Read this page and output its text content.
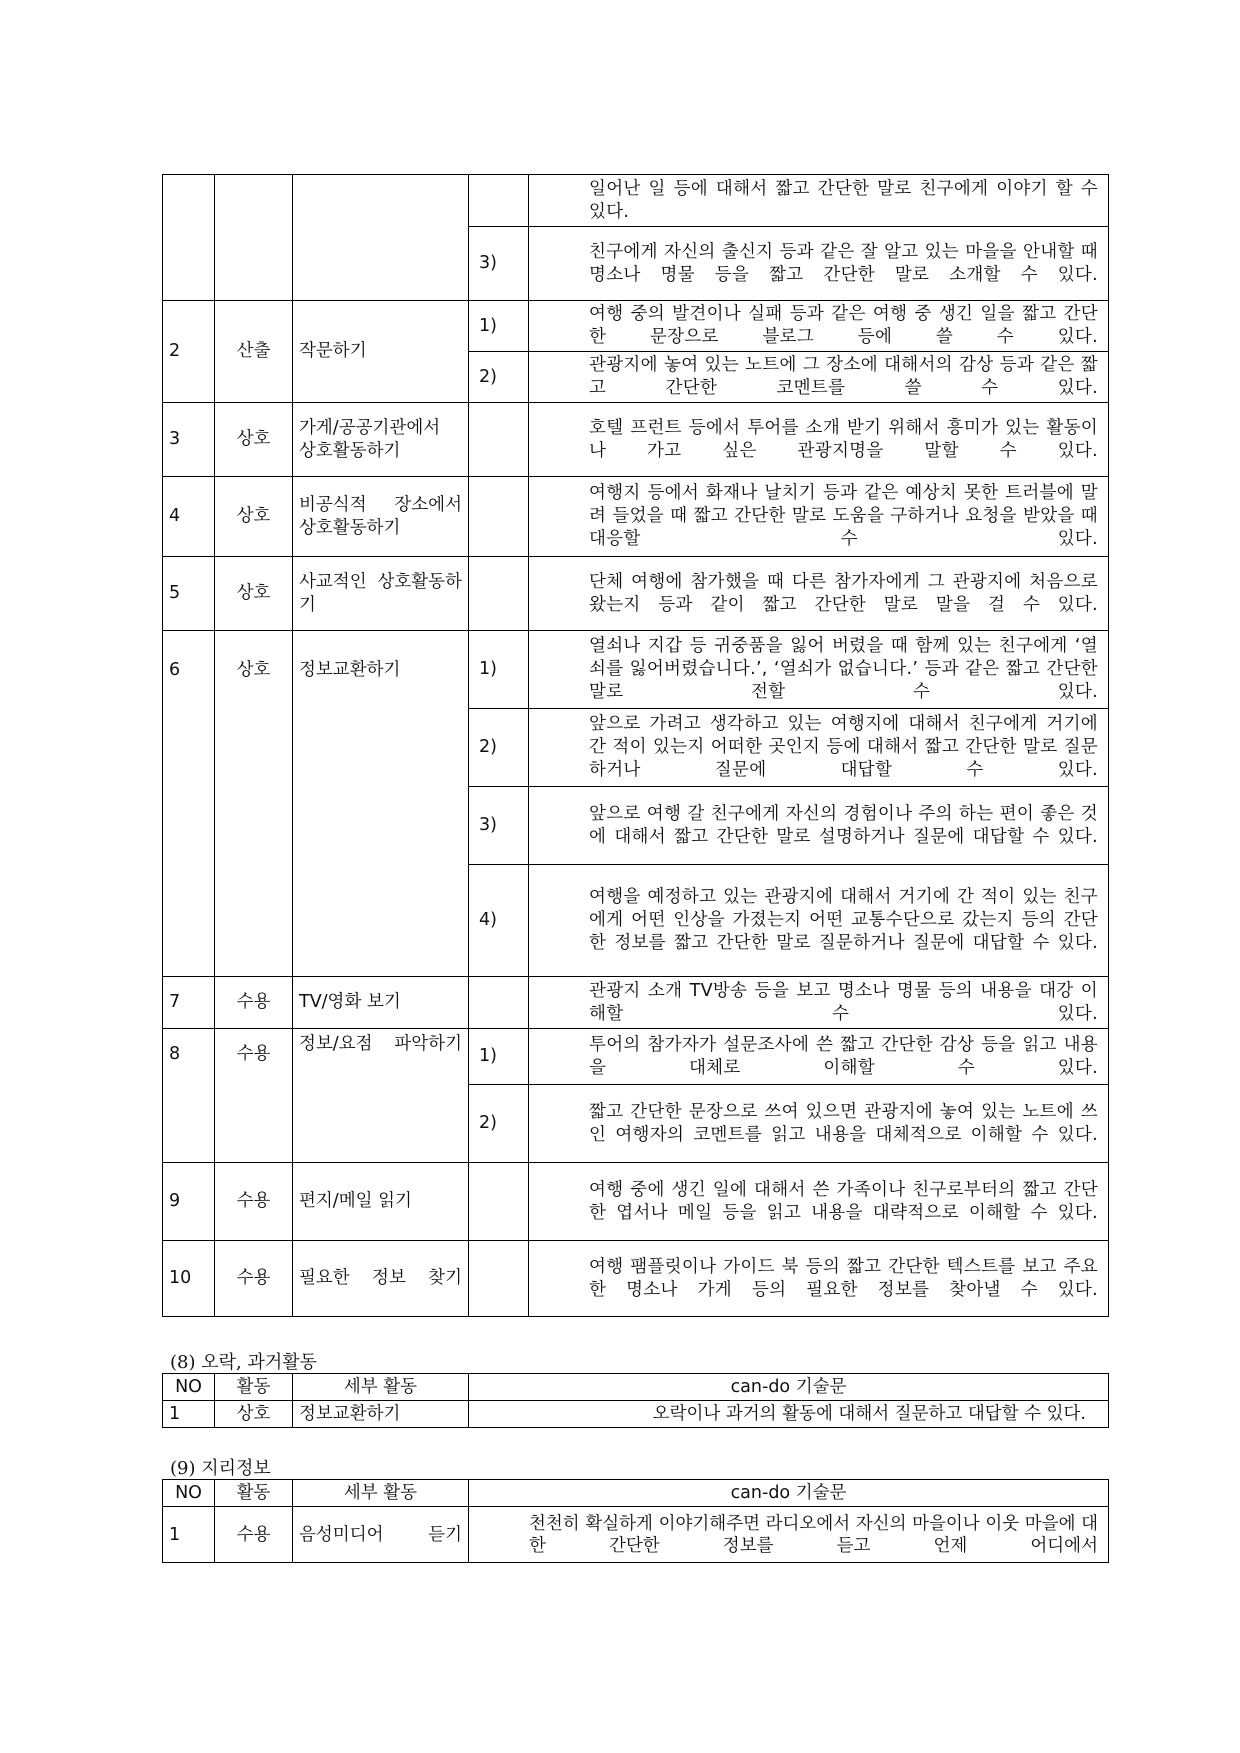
				일어난 일 등에 대해서 짧고 간단한 말로 친구에게 이야기 할 수 있다.
			3)	친구에게 자신의 출신지 등과 같은 잘 알고 있는 마을을 안내할 때 명소나 명물 등을 짧고 간단한 말로 소개할 수 있다.
2	산출	작문하기	1)	여행 중의 발견이나 실패 등과 같은 여행 중 생긴 일을 짧고 간단한 문장으로 블로그 등에 쓸 수 있다.
			2)	관광지에 놓여 있는 노트에 그 장소에 대해서의 감상 등과 같은 짧고 간단한 코멘트를 쓸 수 있다.
3	상호	가게/공공기관에서 상호활동하기		호텔 프런트 등에서 투어를 소개 받기 위해서 흥미가 있는 활동이나 가고 싶은 관광지명을 말할 수 있다.
4	상호	비공식적 장소에서 상호활동하기		여행지 등에서 화재나 날치기 등과 같은 예상치 못한 트러블에 말려 들었을 때 짧고 간단한 말로 도움을 구하거나 요청을 받았을 때 대응할 수 있다.
5	상호	사교적인 상호활동하기		단체 여행에 참가했을 때 다른 참가자에게 그 관광지에 처음으로 왔는지 등과 같이 짧고 간단한 말로 말을 걸 수 있다.
6	상호	정보교환하기	1)	열쇠나 지갑 등 귀중품을 잃어 버렸을 때 함께 있는 친구에게 ‘열쇠를 잃어버렸습니다.’, ‘열쇠가 없습니다.’ 등과 같은 짧고 간단한 말로 전할 수 있다.
			2)	앞으로 가려고 생각하고 있는 여행지에 대해서 친구에게 거기에 간 적이 있는지 어떠한 곳인지 등에 대해서 짧고 간단한 말로 질문하거나 질문에 대답할 수 있다.
			3)	앞으로 여행 갈 친구에게 자신의 경험이나 주의 하는 편이 좋은 것에 대해서 짧고 간단한 말로 설명하거나 질문에 대답할 수 있다.
			4)	여행을 예정하고 있는 관광지에 대해서 거기에 간 적이 있는 친구에게 어떤 인상을 가졌는지 어떤 교통수단으로 갔는지 등의 간단한 정보를 짧고 간단한 말로 질문하거나 질문에 대답할 수 있다.
7	수용	TV/영화 보기		관광지 소개 TV방송 등을 보고 명소나 명물 등의 내용을 대강 이해할 수 있다.
8	수용	정보/요점 파악하기	1)	투어의 참가자가 설문조사에 쓴 짧고 간단한 감상 등을 읽고 내용을 대체로 이해할 수 있다.
			2)	짧고 간단한 문장으로 쓰여 있으면 관광지에 놓여 있는 노트에 쓰인 여행자의 코멘트를 읽고 내용을 대체적으로 이해할 수 있다.
9	수용	편지/메일 읽기		여행 중에 생긴 일에 대해서 쓴 가족이나 친구로부터의 짧고 간단한 엽서나 메일 등을 읽고 내용을 대략적으로 이해할 수 있다.
10	수용	필요한 정보 찾기		여행 팸플릿이나 가이드 북 등의 짧고 간단한 텍스트를 보고 주요한 명소나 가게 등의 필요한 정보를 찾아낼 수 있다.
(8) 오락, 과거활동
NO	활동	세부 활동	can-do 기술문
1	상호	정보교환하기	오락이나 과거의 활동에 대해서 질문하고 대답할 수 있다.
(9) 지리정보
NO	활동	세부 활동	can-do 기술문
1	수용	음성미디어 듣기	천천히 확실하게 이야기해주면 라디오에서 자신의 마을이나 이웃 마을에 대한 간단한 정보를 듣고 언제 어디에서
